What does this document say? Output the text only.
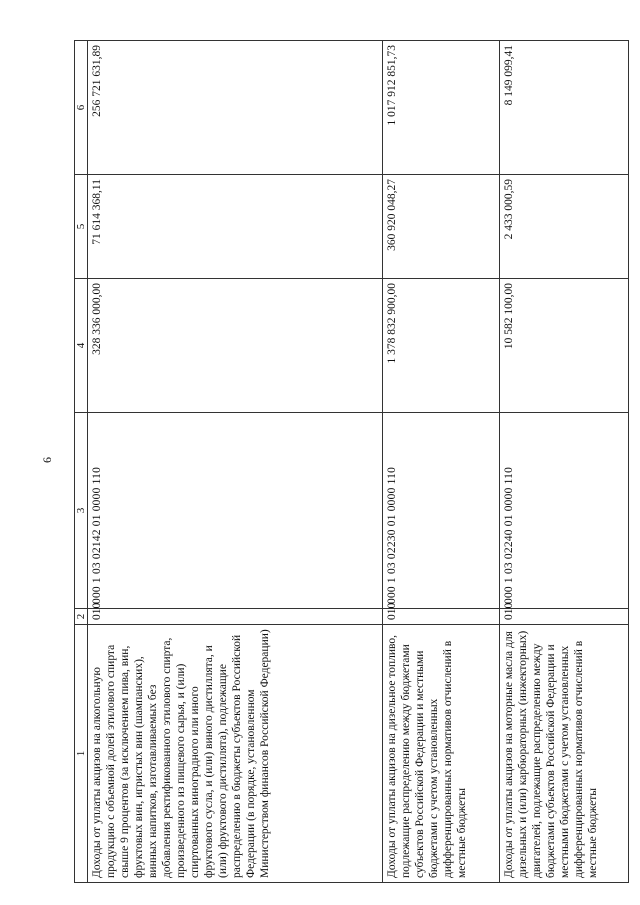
6
1	2	3	4	5	6
Доходы от уплаты акцизов на алкогольную продукцию с объемной долей этилового спирта свыше 9 процентов (за исключением пива, вин, фруктовых вин, игристых вин (шампанских), винных напитков, изготавливаемых без добавления ректификованного этилового спирта, произведенного из пищевого сырья, и (или) спиртованных виноградного или иного фруктового сусла, и (или) виного дистиллята, и (или) фруктового дистиллята), подлежащие распределению в бюджеты субъектов Российской Федерации (в порядке, установленном Министерством финансов Российской Федерации)	010	000 1 03 02142 01 0000 110	328 336 000,00	71 614 368,11	256 721 631,89
Доходы от уплаты акцизов на дизельное топливо, подлежащие распределению между бюджетами субъектов Российской Федерации и местными бюджетами с учетом установленных дифференцированных нормативов отчислений в местные бюджеты	010	000 1 03 02230 01 0000 110	1 378 832 900,00	360 920 048,27	1 017 912 851,73
Доходы от уплаты акцизов на моторные масла для дизельных и (или) карбюраторных (инжекторных) двигателей, подлежащие распределению между бюджетами субъектов Российской Федерации и местными бюджетами с учетом установленных дифференцированных нормативов отчислений в местные бюджеты	010	000 1 03 02240 01 0000 110	10 582 100,00	2 433 000,59	8 149 099,41
